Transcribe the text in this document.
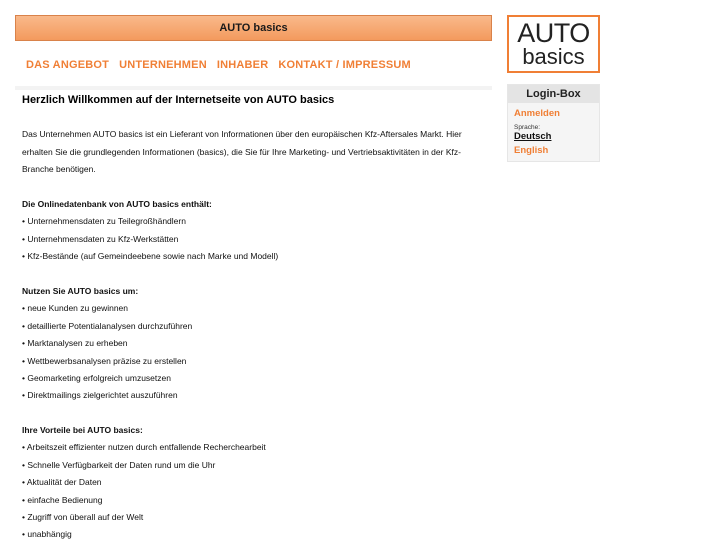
AUTO basics
DAS ANGEBOT UNTERNEHMEN INHABER KONTAKT / IMPRESSUM
Herzlich Willkommen auf der Internetseite von AUTO basics
Das Unternehmen AUTO basics ist ein Lieferant von Informationen über den europäischen Kfz-Aftersales Markt. Hier erhalten Sie die grundlegenden Informationen (basics), die Sie für Ihre Marketing- und Vertriebsaktivitäten in der Kfz-Branche benötigen.
Die Onlinedatenbank von AUTO basics enthält:
• Unternehmensdaten zu Teilegroßhändlern
• Unternehmensdaten zu Kfz-Werkstätten
• Kfz-Bestände (auf Gemeindeebene sowie nach Marke und Modell)
Nutzen Sie AUTO basics um:
• neue Kunden zu gewinnen
• detaillierte Potentialanalysen durchzuführen
• Marktanalysen zu erheben
• Wettbewerbsanalysen präzise zu erstellen
• Geomarketing erfolgreich umzusetzen
• Direktmailings zielgerichtet auszuführen
Ihre Vorteile bei AUTO basics:
• Arbeitszeit effizienter nutzen durch entfallende Recherchearbeit
• Schnelle Verfügbarkeit der Daten rund um die Uhr
• Aktualität der Daten
• einfache Bedienung
• Zugriff von überall auf der Welt
• unabhängig
AUTO
basics
Login-Box
Anmelden
Sprache:
Deutsch
English
